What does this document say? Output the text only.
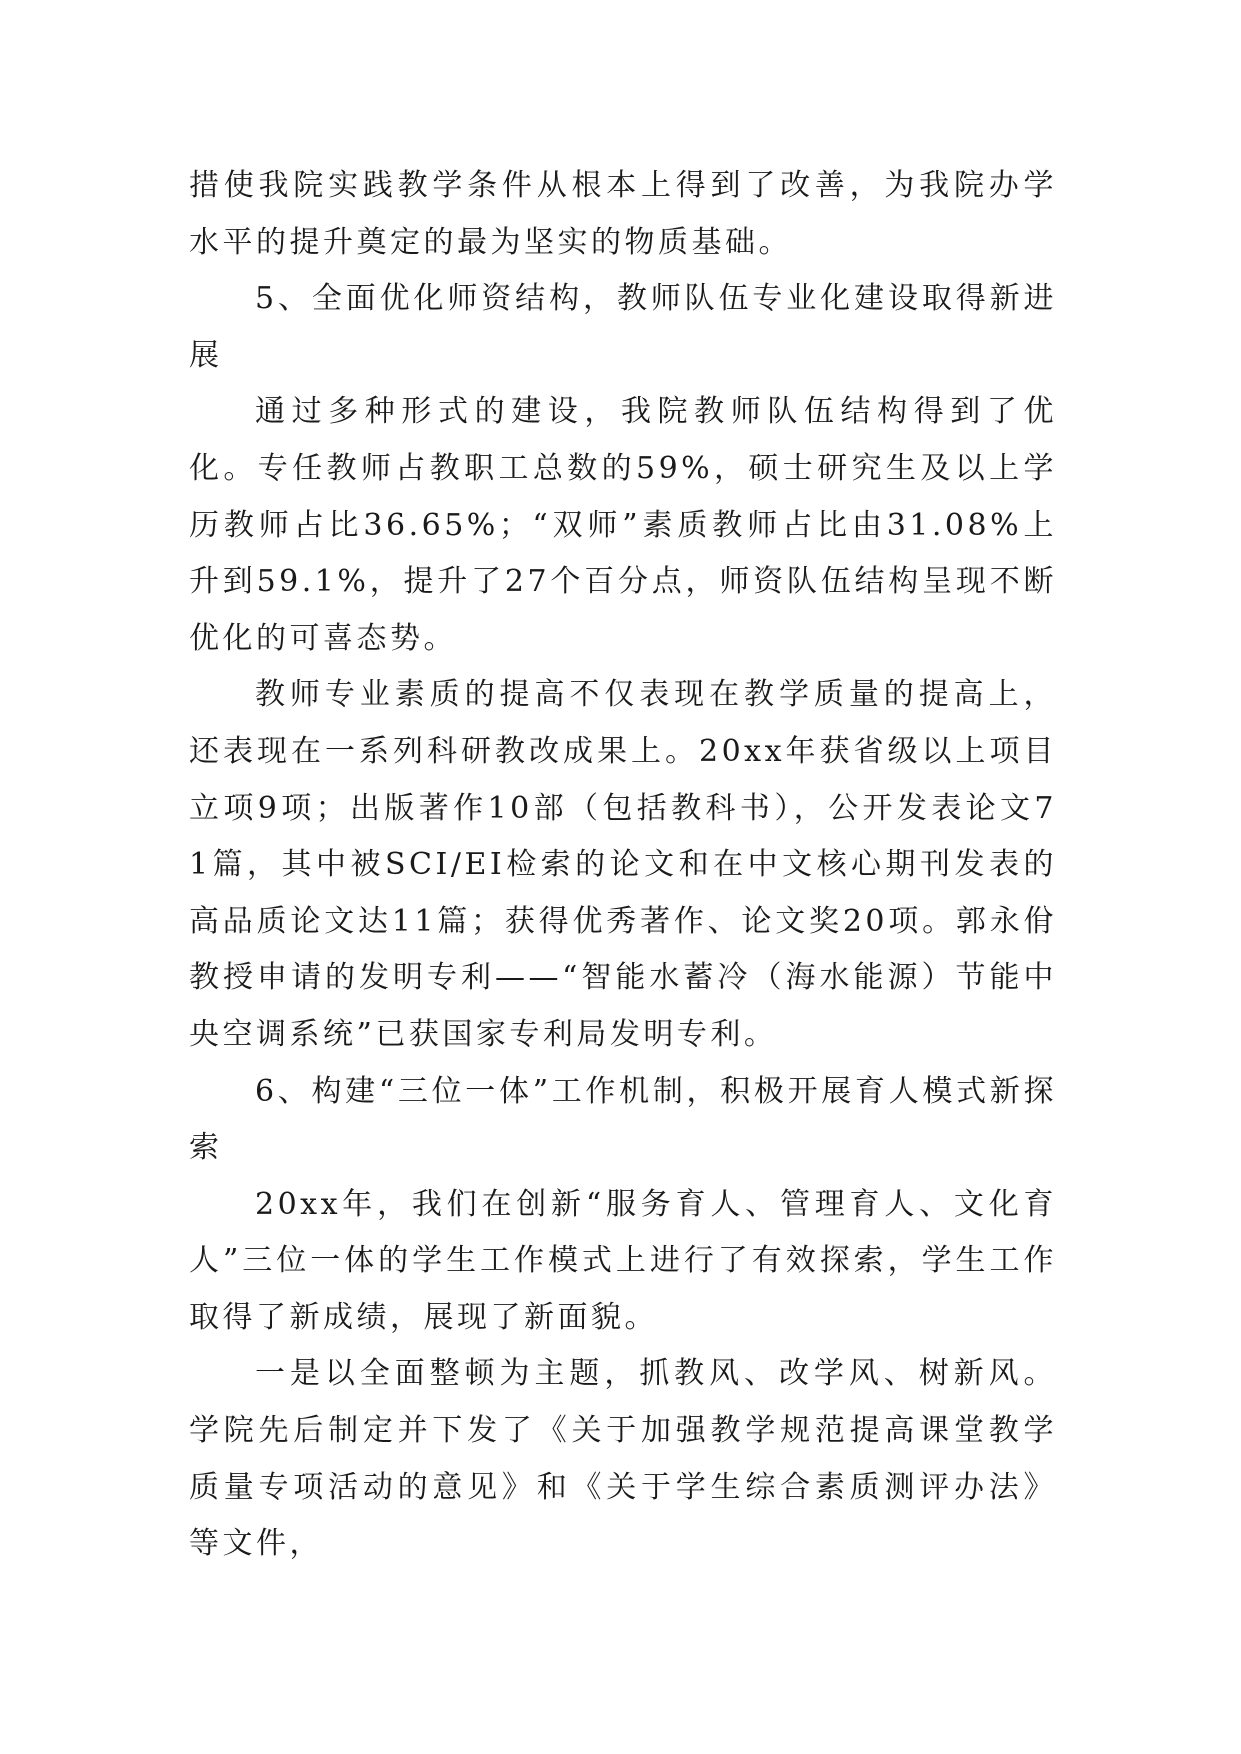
措使我院实践教学条件从根本上得到了改善，为我院办学水平的提升奠定的最为坚实的物质基础。

5、全面优化师资结构，教师队伍专业化建设取得新进展

通过多种形式的建设，我院教师队伍结构得到了优化。专任教师占教职工总数的59%，硕士研究生及以上学历教师占比36.65%；“双师”素质教师占比由31.08%上升到59.1%，提升了27个百分点，师资队伍结构呈现不断优化的可喜态势。

教师专业素质的提高不仅表现在教学质量的提高上，还表现在一系列科研教改成果上。20xx年获省级以上项目立项9项；出版著作10部（包括教科书），公开发表论文71篇，其中被SCI/EI检索的论文和在中文核心期刊发表的高品质论文达11篇；获得优秀著作、论文奖20项。郭永佾教授申请的发明专利——“智能水蓄冷（海水能源）节能中央空调系统”已获国家专利局发明专利。

6、构建“三位一体”工作机制，积极开展育人模式新探索

20xx年，我们在创新“服务育人、管理育人、文化育人”三位一体的学生工作模式上进行了有效探索，学生工作取得了新成绩，展现了新面貌。

一是以全面整顿为主题，抓教风、改学风、树新风。学院先后制定并下发了《关于加强教学规范提高课堂教学质量专项活动的意见》和《关于学生综合素质测评办法》等文件，
